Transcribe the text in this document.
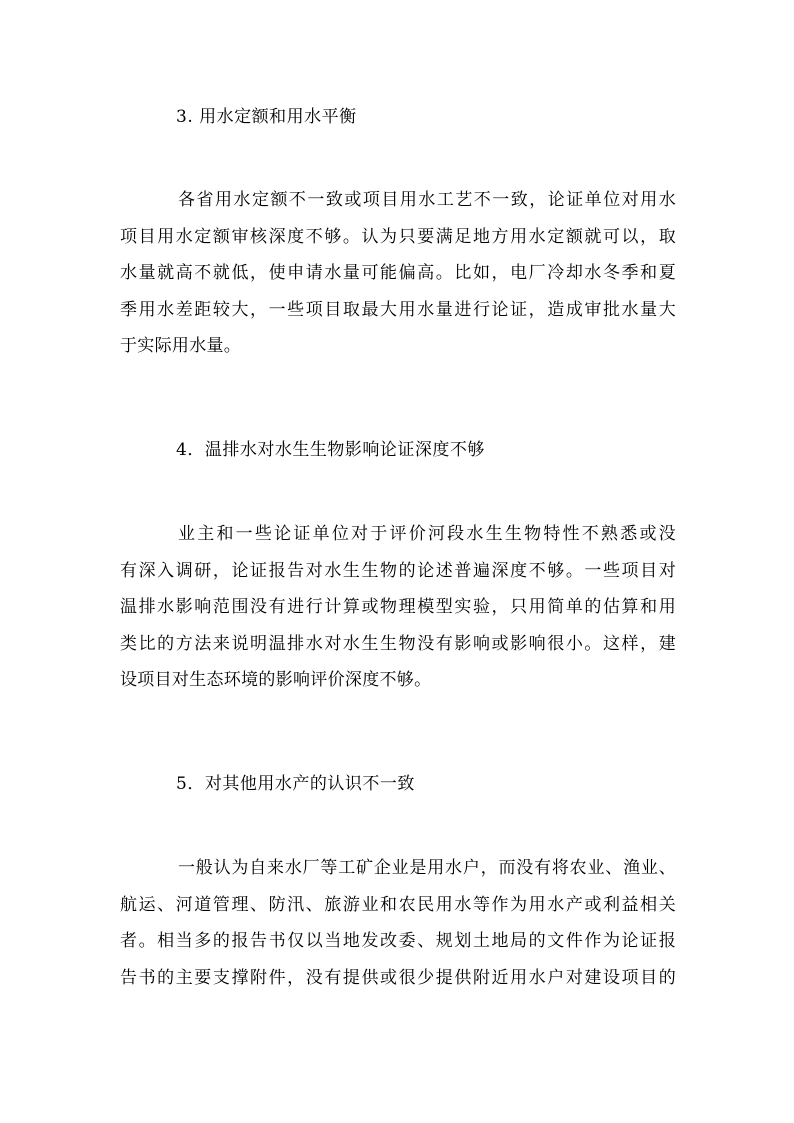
3. 用水定额和用水平衡
各省用水定额不一致或项目用水工艺不一致，论证单位对用水
项目用水定额审核深度不够。认为只要满足地方用水定额就可以，取
水量就高不就低，使申请水量可能偏高。比如，电厂冷却水冬季和夏
季用水差距较大，一些项目取最大用水量进行论证，造成审批水量大
于实际用水量。
4．温排水对水生生物影响论证深度不够
业主和一些论证单位对于评价河段水生生物特性不熟悉或没
有深入调研，论证报告对水生生物的论述普遍深度不够。一些项目对
温排水影响范围没有进行计算或物理模型实验，只用简单的估算和用
类比的方法来说明温排水对水生生物没有影响或影响很小。这样，建
设项目对生态环境的影响评价深度不够。
5．对其他用水产的认识不一致
一般认为自来水厂等工矿企业是用水户，而没有将农业、渔业、
航运、河道管理、防汛、旅游业和农民用水等作为用水产或利益相关
者。相当多的报告书仅以当地发改委、规划土地局的文件作为论证报
告书的主要支撑附件，没有提供或很少提供附近用水户对建设项目的
